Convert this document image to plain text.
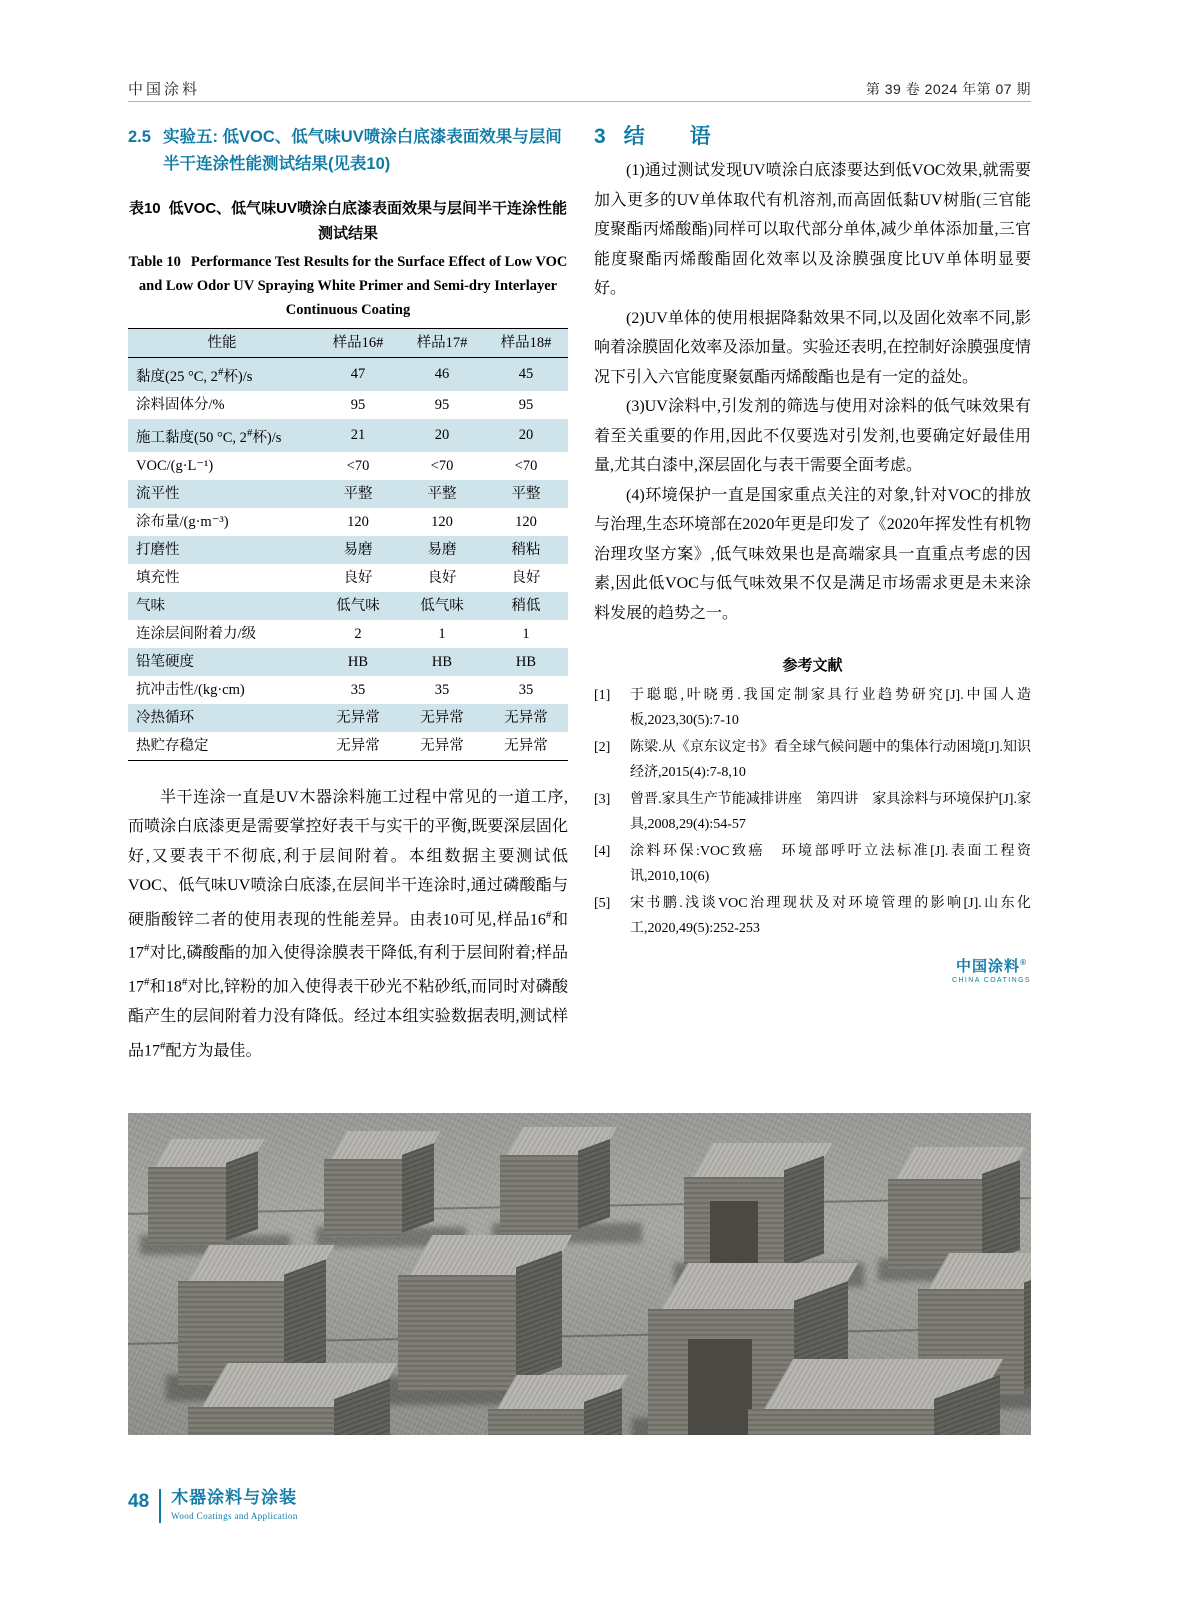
中国涂料	第 39 卷 2024 年第 07 期
2.5 实验五: 低VOC、低气味UV喷涂白底漆表面效果与层间半干连涂性能测试结果(见表10)
表10 低VOC、低气味UV喷涂白底漆表面效果与层间半干连涂性能测试结果
Table 10 Performance Test Results for the Surface Effect of Low VOC and Low Odor UV Spraying White Primer and Semi-dry Interlayer Continuous Coating
性能	样品16#	样品17#	样品18#
黏度(25 °C, 2#杯)/s	47	46	45
涂料固体分/%	95	95	95
施工黏度(50 °C, 2#杯)/s	21	20	20
VOC/(g·L⁻¹)	<70	<70	<70
流平性	平整	平整	平整
涂布量/(g·m⁻³)	120	120	120
打磨性	易磨	易磨	稍粘
填充性	良好	良好	良好
气味	低气味	低气味	稍低
连涂层间附着力/级	2	1	1
铅笔硬度	HB	HB	HB
抗冲击性/(kg·cm)	35	35	35
冷热循环	无异常	无异常	无异常
热贮存稳定	无异常	无异常	无异常

半干连涂一直是UV木器涂料施工过程中常见的一道工序,而喷涂白底漆更是需要掌控好表干与实干的平衡,既要深层固化好,又要表干不彻底,利于层间附着。本组数据主要测试低VOC、低气味UV喷涂白底漆,在层间半干连涂时,通过磷酸酯与硬脂酸锌二者的使用表现的性能差异。由表10可见,样品16#和17#对比,磷酸酯的加入使得涂膜表干降低,有利于层间附着;样品17#和18#对比,锌粉的加入使得表干砂光不粘砂纸,而同时对磷酸酯产生的层间附着力没有降低。经过本组实验数据表明,测试样品17#配方为最佳。

3 结　语

(1)通过测试发现UV喷涂白底漆要达到低VOC效果,就需要加入更多的UV单体取代有机溶剂,而高固低黏UV树脂(三官能度聚酯丙烯酸酯)同样可以取代部分单体,减少单体添加量,三官能度聚酯丙烯酸酯固化效率以及涂膜强度比UV单体明显要好。

(2)UV单体的使用根据降黏效果不同,以及固化效率不同,影响着涂膜固化效率及添加量。实验还表明,在控制好涂膜强度情况下引入六官能度聚氨酯丙烯酸酯也是有一定的益处。

(3)UV涂料中,引发剂的筛选与使用对涂料的低气味效果有着至关重要的作用,因此不仅要选对引发剂,也要确定好最佳用量,尤其白漆中,深层固化与表干需要全面考虑。

(4)环境保护一直是国家重点关注的对象,针对VOC的排放与治理,生态环境部在2020年更是印发了《2020年挥发性有机物治理攻坚方案》,低气味效果也是高端家具一直重点考虑的因素,因此低VOC与低气味效果不仅是满足市场需求更是未来涂料发展的趋势之一。

参考文献
[1]	于聪聪,叶晓勇.我国定制家具行业趋势研究[J].中国人造板,2023,30(5):7-10
[2]	陈梁.从《京东议定书》看全球气候问题中的集体行动困境[J].知识经济,2015(4):7-8,10
[3]	曾晋.家具生产节能减排讲座　第四讲　家具涂料与环境保护[J].家具,2008,29(4):54-57
[4]	涂料环保:VOC致癌　环境部呼吁立法标准[J].表面工程资讯,2010,10(6)
[5]	宋书鹏.浅谈VOC治理现状及对环境管理的影响[J].山东化工,2020,49(5):252-253
中国涂料®
CHINA COATINGS
48 木器涂料与涂装
Wood Coatings and Application
